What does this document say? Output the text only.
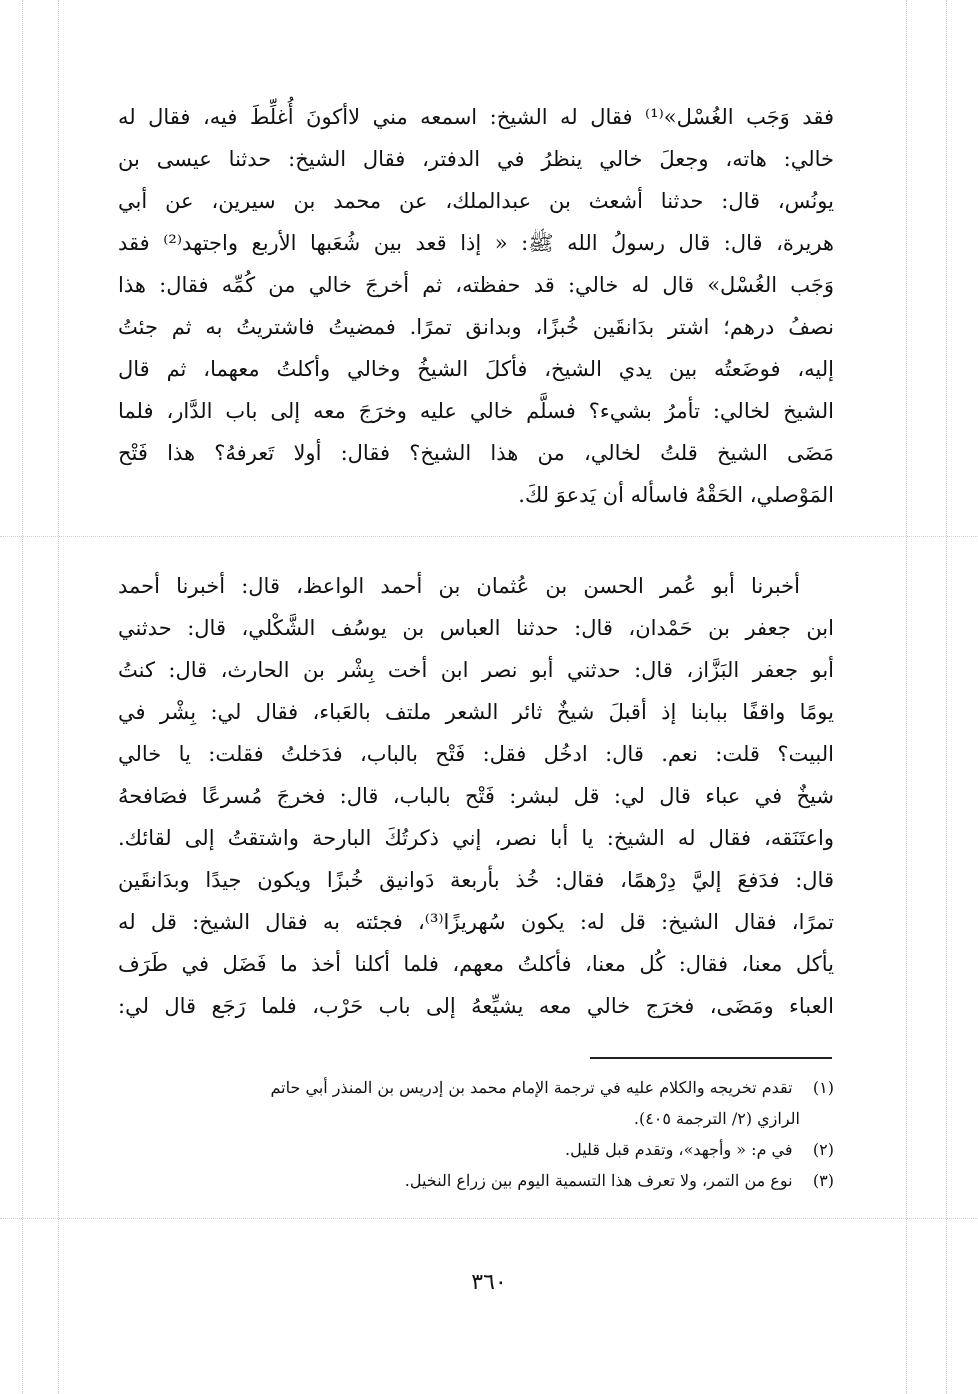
فقد وَجَب الغُسْل»⁽¹⁾ فقال له الشيخ: اسمعه مني لاأكونَ أُغلِّطَ فيه، فقال له
خالي: هاته، وجعلَ خالي ينظرُ في الدفتر، فقال الشيخ: حدثنا عيسى بن
يونُس، قال: حدثنا أشعث بن عبدالملك، عن محمد بن سيرين، عن أبي
هريرة، قال: قال رسولُ الله ﷺ: « إذا قعد بين شُعَبها الأربع واجتهد⁽²⁾ فقد
وَجَب الغُسْل» قال له خالي: قد حفظته، ثم أخرجَ خالي من كُمِّه فقال: هذا
نصفُ درهم؛ اشتر بدَانقَين خُبزًا، وبدانق تمرًا. فمضيتُ فاشتريتُ به ثم جئتُ
إليه، فوضَعتُه بين يدي الشيخ، فأكلَ الشيخُ وخالي وأكلتُ معهما، ثم قال
الشيخ لخالي: تأمرُ بشيء؟ فسلَّم خالي عليه وخرَجَ معه إلى باب الدَّار، فلما
مَضَى الشيخ قلتُ لخالي، من هذا الشيخ؟ فقال: أولا تَعرفهُ؟ هذا فَتْح
المَوْصلي، الحَقْهُ فاسأله أن يَدعوَ لكَ.
أخبرنا أبو عُمر الحسن بن عُثمان بن أحمد الواعظ، قال: أخبرنا أحمد
ابن جعفر بن حَمْدان، قال: حدثنا العباس بن يوسُف الشَّكْلي، قال: حدثني
أبو جعفر البَزَّاز، قال: حدثني أبو نصر ابن أخت بِشْر بن الحارث، قال: كنتُ
يومًا واقفًا ببابنا إذ أقبلَ شيخٌ ثائر الشعر ملتف بالعَباء، فقال لي: بِشْر في
البيت؟ قلت: نعم. قال: ادخُل فقل: فَتْح بالباب، فدَخلتُ فقلت: يا خالي
شيخٌ في عباء قال لي: قل لبشر: فَتْح بالباب، قال: فخرجَ مُسرعًا فصَافحهُ
واعتَنَقه، فقال له الشيخ: يا أبا نصر، إني ذكرتُكَ البارحة واشتقتُ إلى لقائك.
قال: فدَفعَ إليَّ دِرْهمًا، فقال: خُذ بأربعة دَوانيق خُبزًا ويكون جيدًا وبدَانقَين
تمرًا، فقال الشيخ: قل له: يكون سُهريزًا⁽³⁾، فجئته به فقال الشيخ: قل له
يأكل معنا، فقال: كُل معنا، فأكلتُ معهم، فلما أكلنا أخذ ما فَضَل في طَرَف
العباء ومَضَى، فخرَج خالي معه يشيِّعهُ إلى باب حَرْب، فلما رَجَع قال لي:
(١)    تقدم تخريجه والكلام عليه في ترجمة الإمام محمد بن إدريس بن المنذر أبي حاتم
الرازي (٢/ الترجمة ٤٠٥).
(٢)    في م: « وأجهد»، وتقدم قبل قليل.
(٣)    نوع من التمر، ولا تعرف هذا التسمية اليوم بين زراع النخيل.
٣٦٠
